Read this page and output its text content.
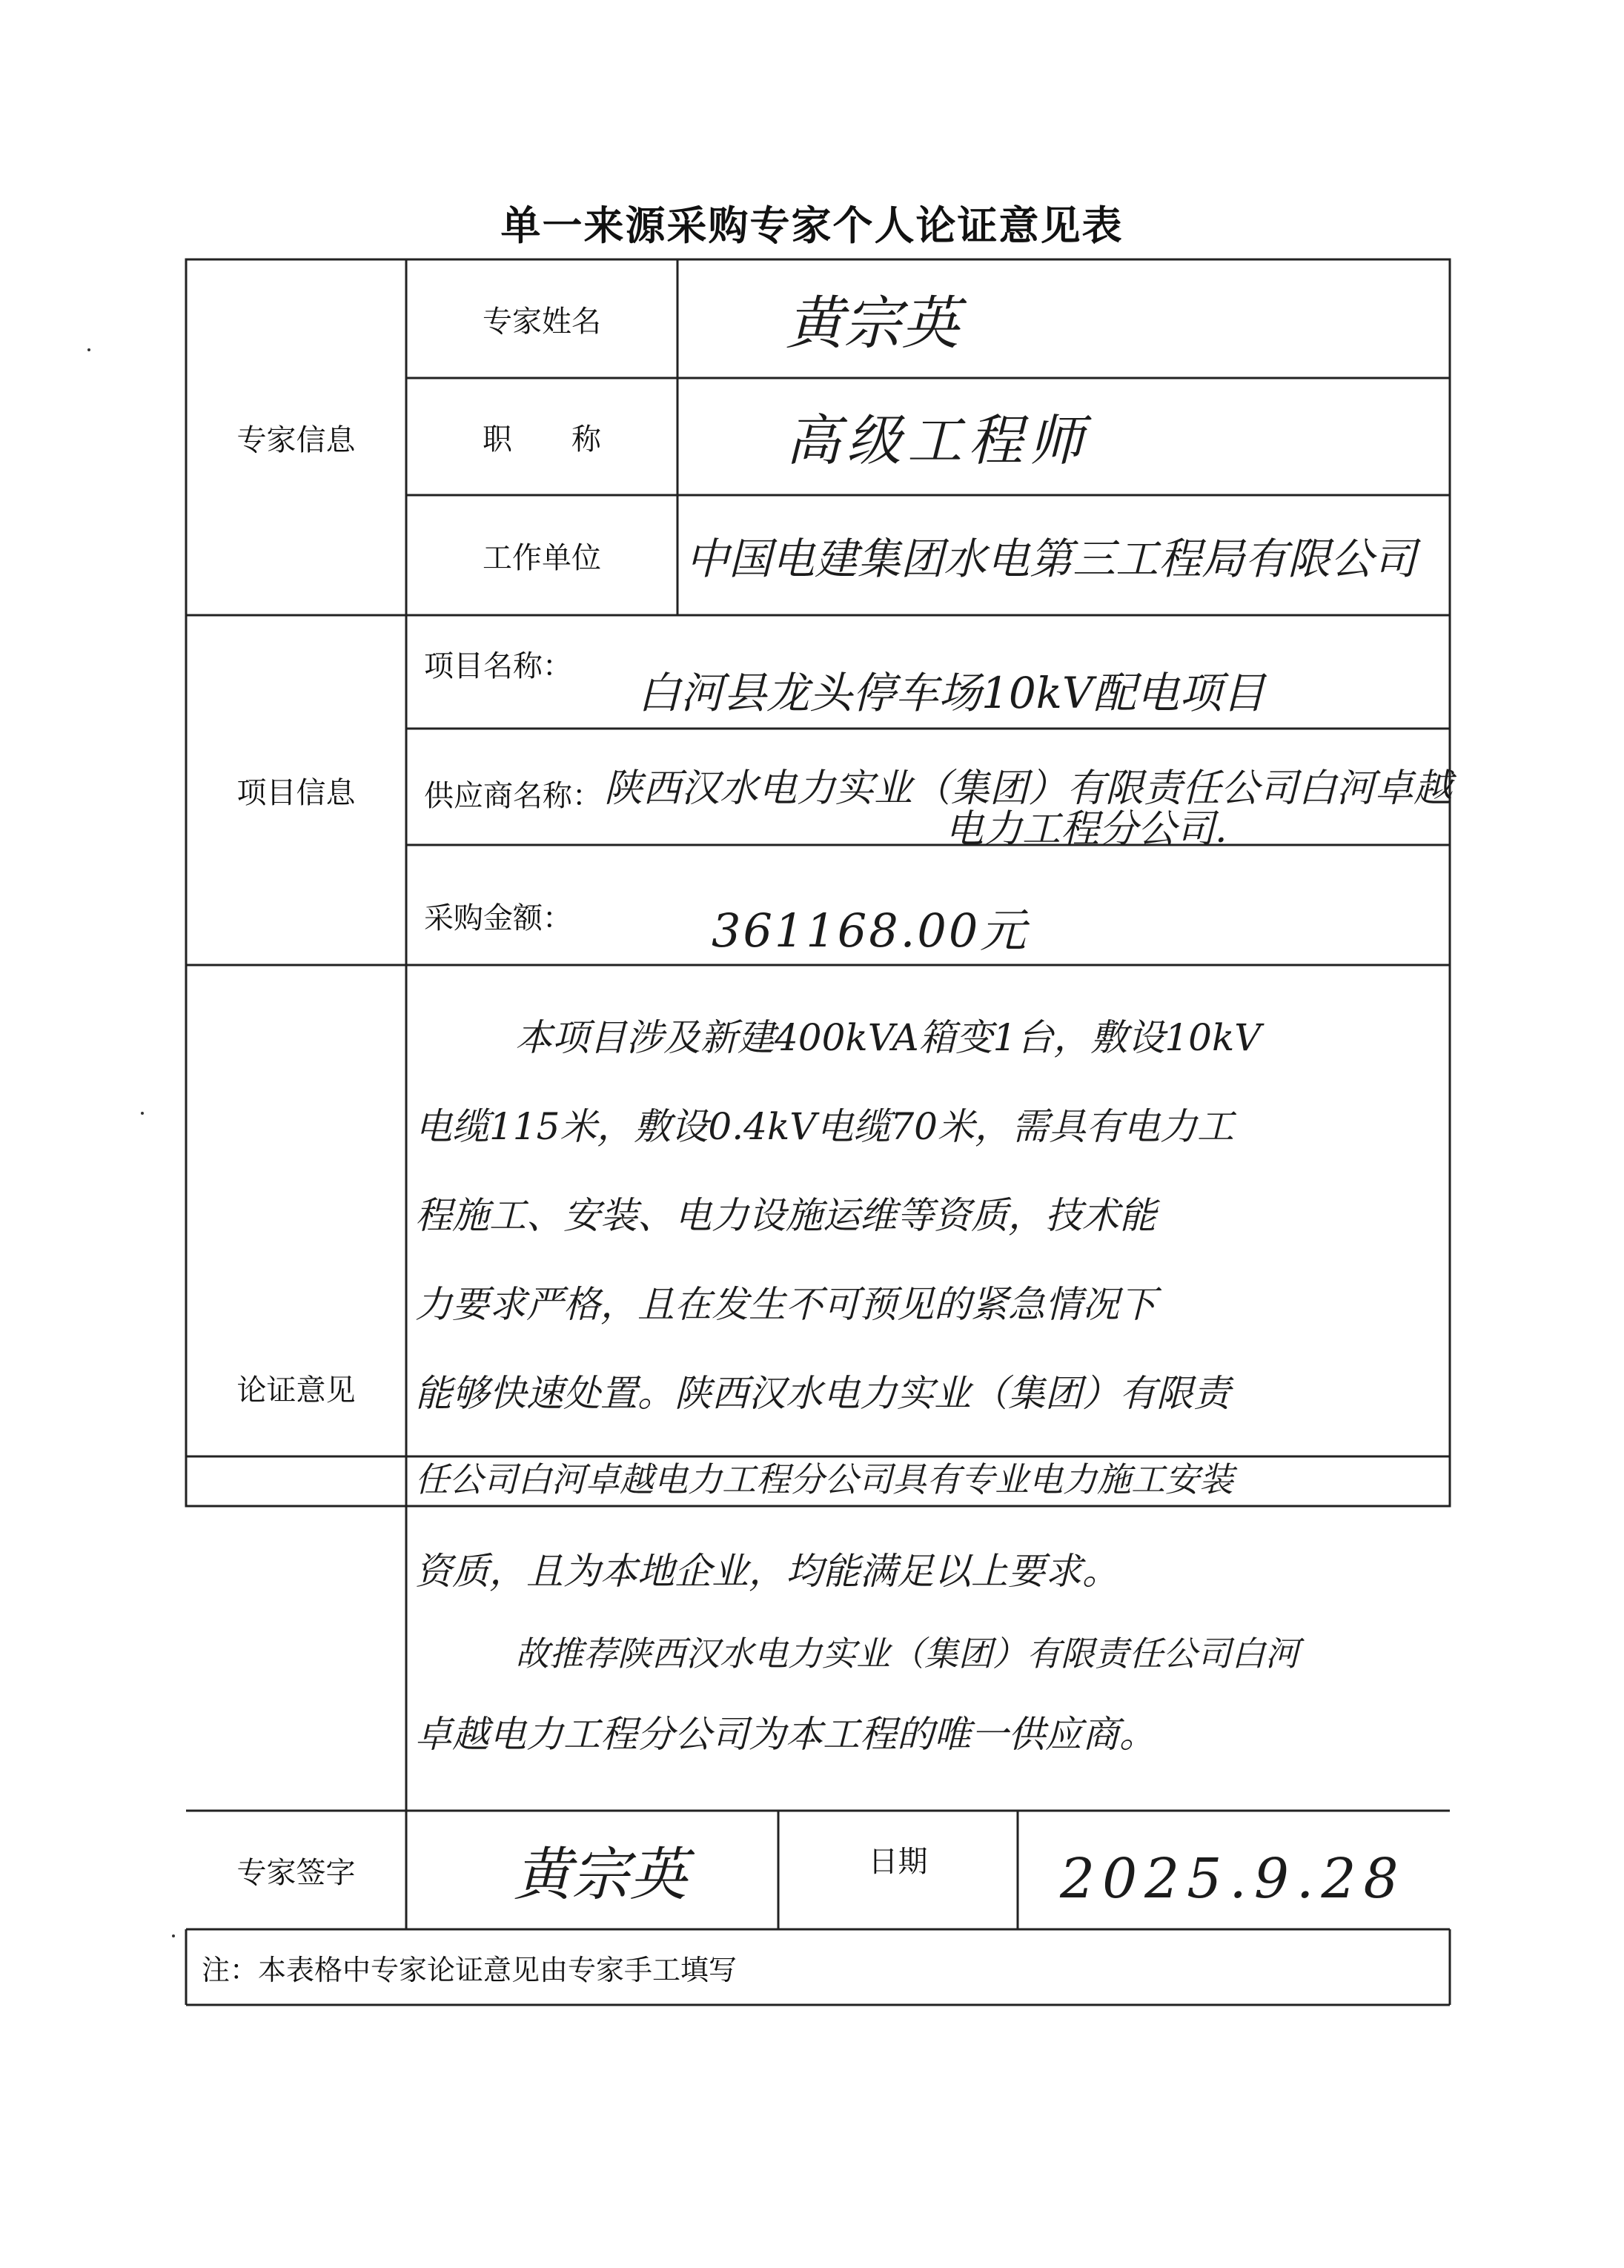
单一来源采购专家个人论证意见表
专家信息
专家姓名	黄宗英
职　　称	高级工程师
工作单位	中国电建集团水电第三工程局有限公司
项目信息
项目名称：
白河县龙头停车场10kV配电项目
供应商名称： 陕西汉水电力实业（集团）有限责任公司白河卓越
电力工程分公司.
采购金额：	361168.00元
论证意见
本项目涉及新建400kVA箱变1台，敷设10kV
电缆115米，敷设0.4kV电缆70米，需具有电力工
程施工、安装、电力设施运维等资质，技术能
力要求严格，且在发生不可预见的紧急情况下
能够快速处置。陕西汉水电力实业（集团）有限责
任公司白河卓越电力工程分公司具有专业电力施工安装
资质，且为本地企业，均能满足以上要求。
故推荐陕西汉水电力实业（集团）有限责任公司白河
卓越电力工程分公司为本工程的唯一供应商。
专家签字	黄宗英	日期	2025.9.28
注：本表格中专家论证意见由专家手工填写
